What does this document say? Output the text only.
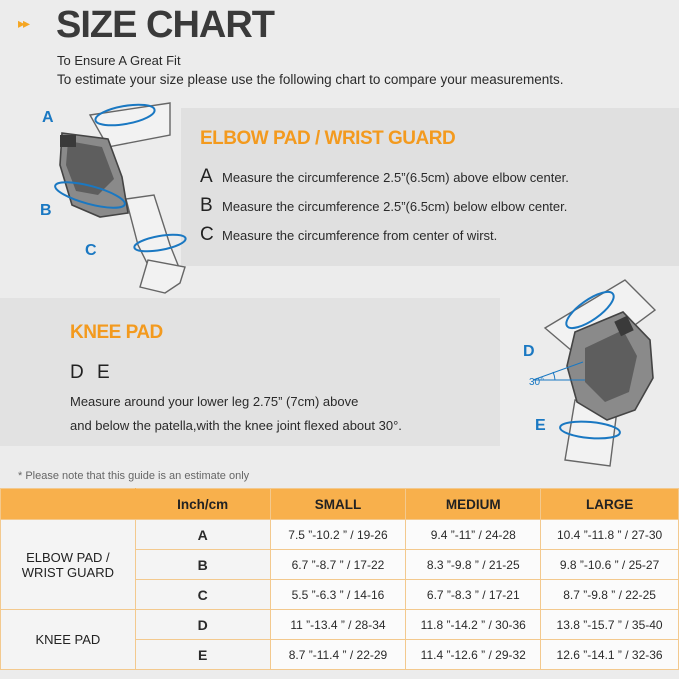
▸▸ SIZE CHART
To Ensure A Great Fit
To estimate your size please use the following chart to compare your measurements.
A
B
C
ELBOW PAD / WRIST GUARD
A Measure the circumference 2.5”(6.5cm) above elbow center.
B Measure the circumference 2.5”(6.5cm) below elbow center.
C Measure the circumference from center of wirst.
KNEE PAD
D E
Measure around your lower leg 2.75” (7cm) above
and below the patella,with the knee joint flexed about 30°.
30°
D
E
* Please note that this guide is an estimate only
	Inch/cm	SMALL	MEDIUM	LARGE

ELBOW PAD /
WRIST GUARD	A	7.5 ”-10.2 ” / 19-26	9.4 ”-11” / 24-28	10.4 ”-11.8 ” / 27-30
	B	6.7 ”-8.7 ” / 17-22	8.3 ”-9.8 ” / 21-25	9.8 ”-10.6 ” / 25-27
	C	5.5 ”-6.3 ” / 14-16	6.7 ”-8.3 ” / 17-21	8.7 ”-9.8 ” / 22-25
KNEE PAD	D	11 ”-13.4 ” / 28-34	11.8 ”-14.2 ” / 30-36	13.8 ”-15.7 ” / 35-40
	E	8.7 ”-11.4 ” / 22-29	11.4 ”-12.6 ” / 29-32	12.6 ”-14.1 ” / 32-36
